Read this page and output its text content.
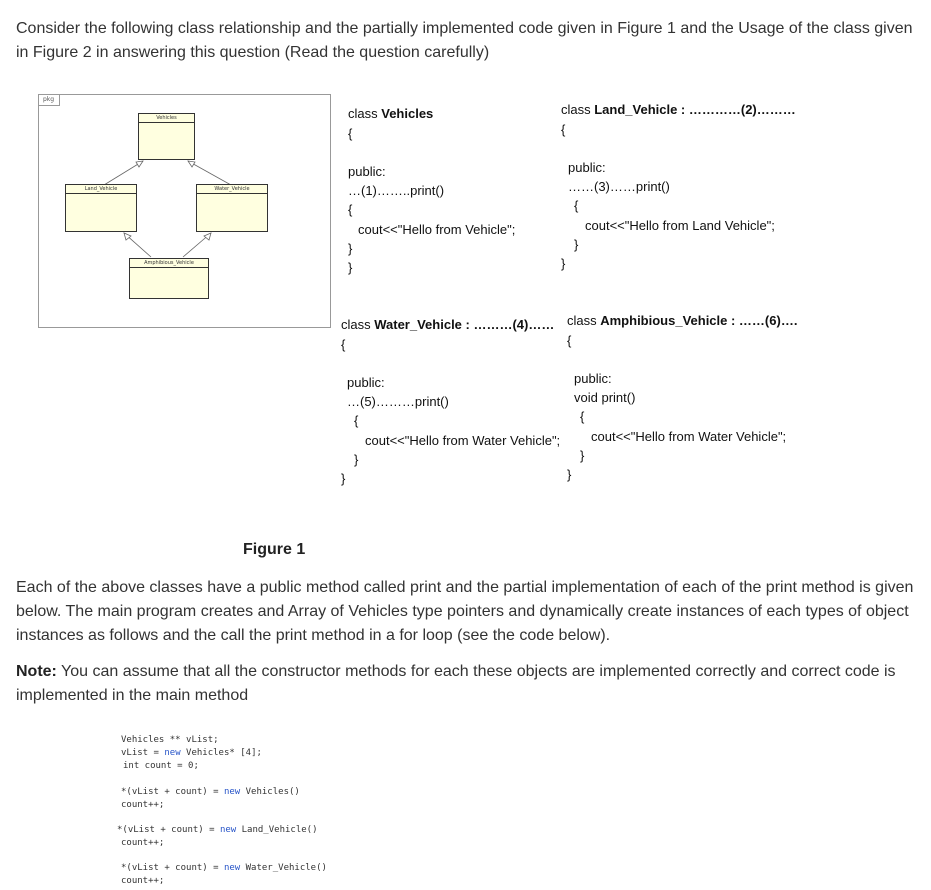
Consider the following class relationship and the partially implemented code given in Figure 1 and the Usage of the class given in Figure 2 in answering this question (Read the question carefully)

pkg
Vehicles
Land_Vehicle	Water_Vehicle
Amphibious_Vehicle
class Vehicles
{
public:
…(1)……..print()
{
cout<<"Hello from Vehicle";
}
}
class Land_Vehicle : …………(2)………
{
public:
……(3)……print()
{
cout<<"Hello from Land Vehicle";
}
}
class Water_Vehicle : ………(4)……
{
public:
…(5)………print()
{
cout<<"Hello from Water Vehicle";
}
}
class Amphibious_Vehicle : ……(6)….
{
public:
void print()
{
cout<<"Hello from Water Vehicle";
}
}
Figure 1

Each of the above classes have a public method called print and the partial implementation of each of the print method is given below. The main program creates and Array of Vehicles type pointers and dynamically create instances of each types of object instances as follows and the call the print method in a for loop (see the code below).

Note: You can assume that all the constructor methods for each these objects are implemented correctly and correct code is implemented in the main method

Vehicles ** vList;
vList = new Vehicles* [4];
int count = 0;
*(vList + count) = new Vehicles()
count++;
*(vList + count) = new Land_Vehicle()
count++;
*(vList + count) = new Water_Vehicle()
count++;
